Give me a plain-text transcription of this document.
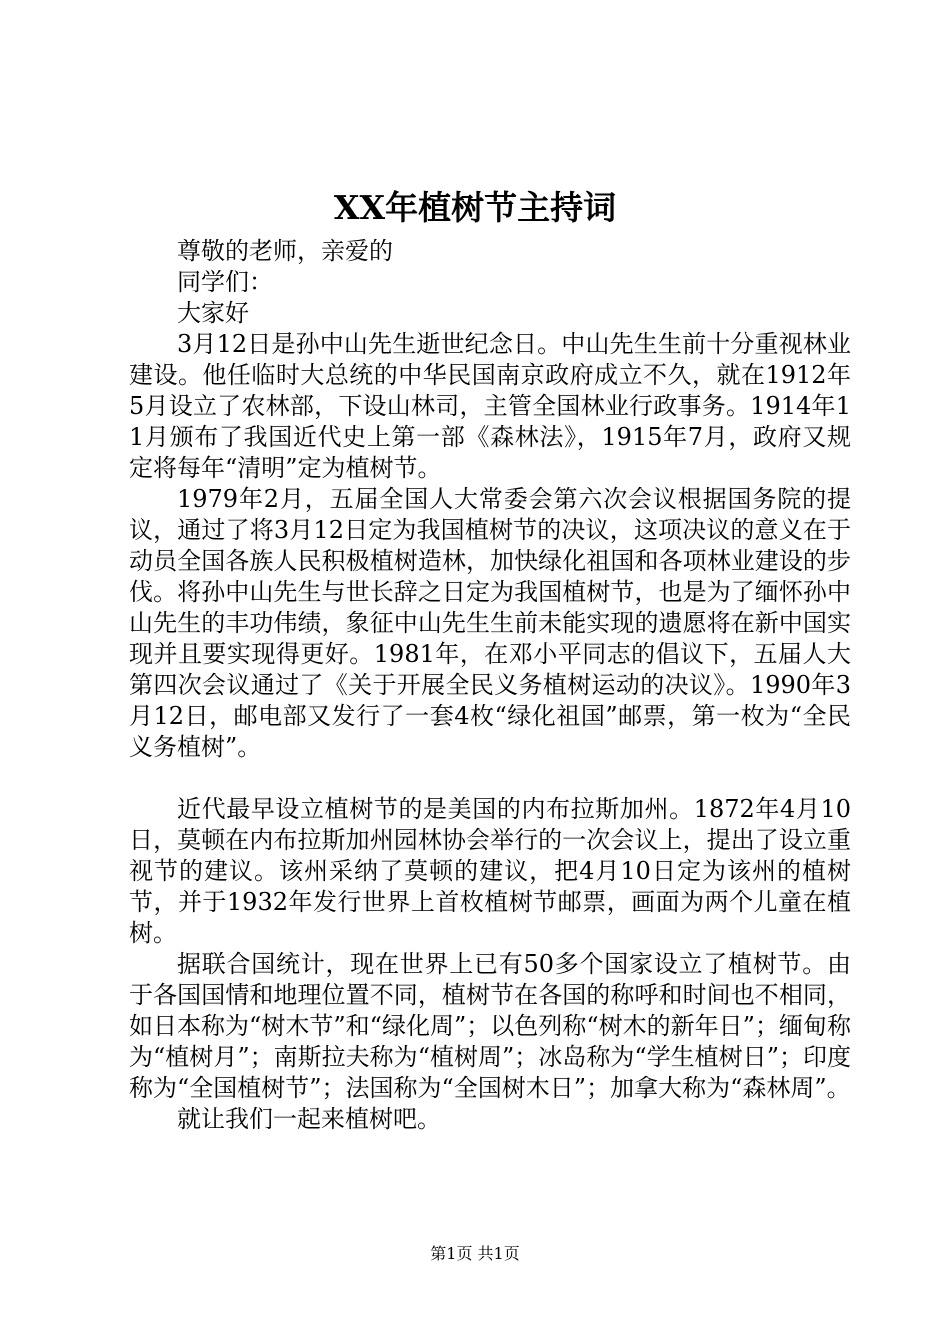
XX年植树节主持词

尊敬的老师，亲爱的

同学们：

大家好

3月12日是孙中山先生逝世纪念日。中山先生生前十分重视林业建设。他任临时大总统的中华民国南京政府成立不久，就在1912年5月设立了农林部，下设山林司，主管全国林业行政事务。1914年11月颁布了我国近代史上第一部《森林法》，1915年7月，政府又规定将每年“清明”定为植树节。

1979年2月，五届全国人大常委会第六次会议根据国务院的提议，通过了将3月12日定为我国植树节的决议，这项决议的意义在于动员全国各族人民积极植树造林，加快绿化祖国和各项林业建设的步伐。将孙中山先生与世长辞之日定为我国植树节，也是为了缅怀孙中山先生的丰功伟绩，象征中山先生生前未能实现的遗愿将在新中国实现并且要实现得更好。1981年，在邓小平同志的倡议下，五届人大第四次会议通过了《关于开展全民义务植树运动的决议》。1990年3月12日，邮电部又发行了一套4枚“绿化祖国”邮票，第一枚为“全民义务植树”。

近代最早设立植树节的是美国的内布拉斯加州。1872年4月10日，莫顿在内布拉斯加州园林协会举行的一次会议上，提出了设立重视节的建议。该州采纳了莫顿的建议，把4月10日定为该州的植树节，并于1932年发行世界上首枚植树节邮票，画面为两个儿童在植树。

据联合国统计，现在世界上已有50多个国家设立了植树节。由于各国国情和地理位置不同，植树节在各国的称呼和时间也不相同，如日本称为“树木节”和“绿化周”；以色列称“树木的新年日”；缅甸称为“植树月”；南斯拉夫称为“植树周”；冰岛称为“学生植树日”；印度称为“全国植树节”；法国称为“全国树木日”；加拿大称为“森林周”。

就让我们一起来植树吧。

第1页 共1页
